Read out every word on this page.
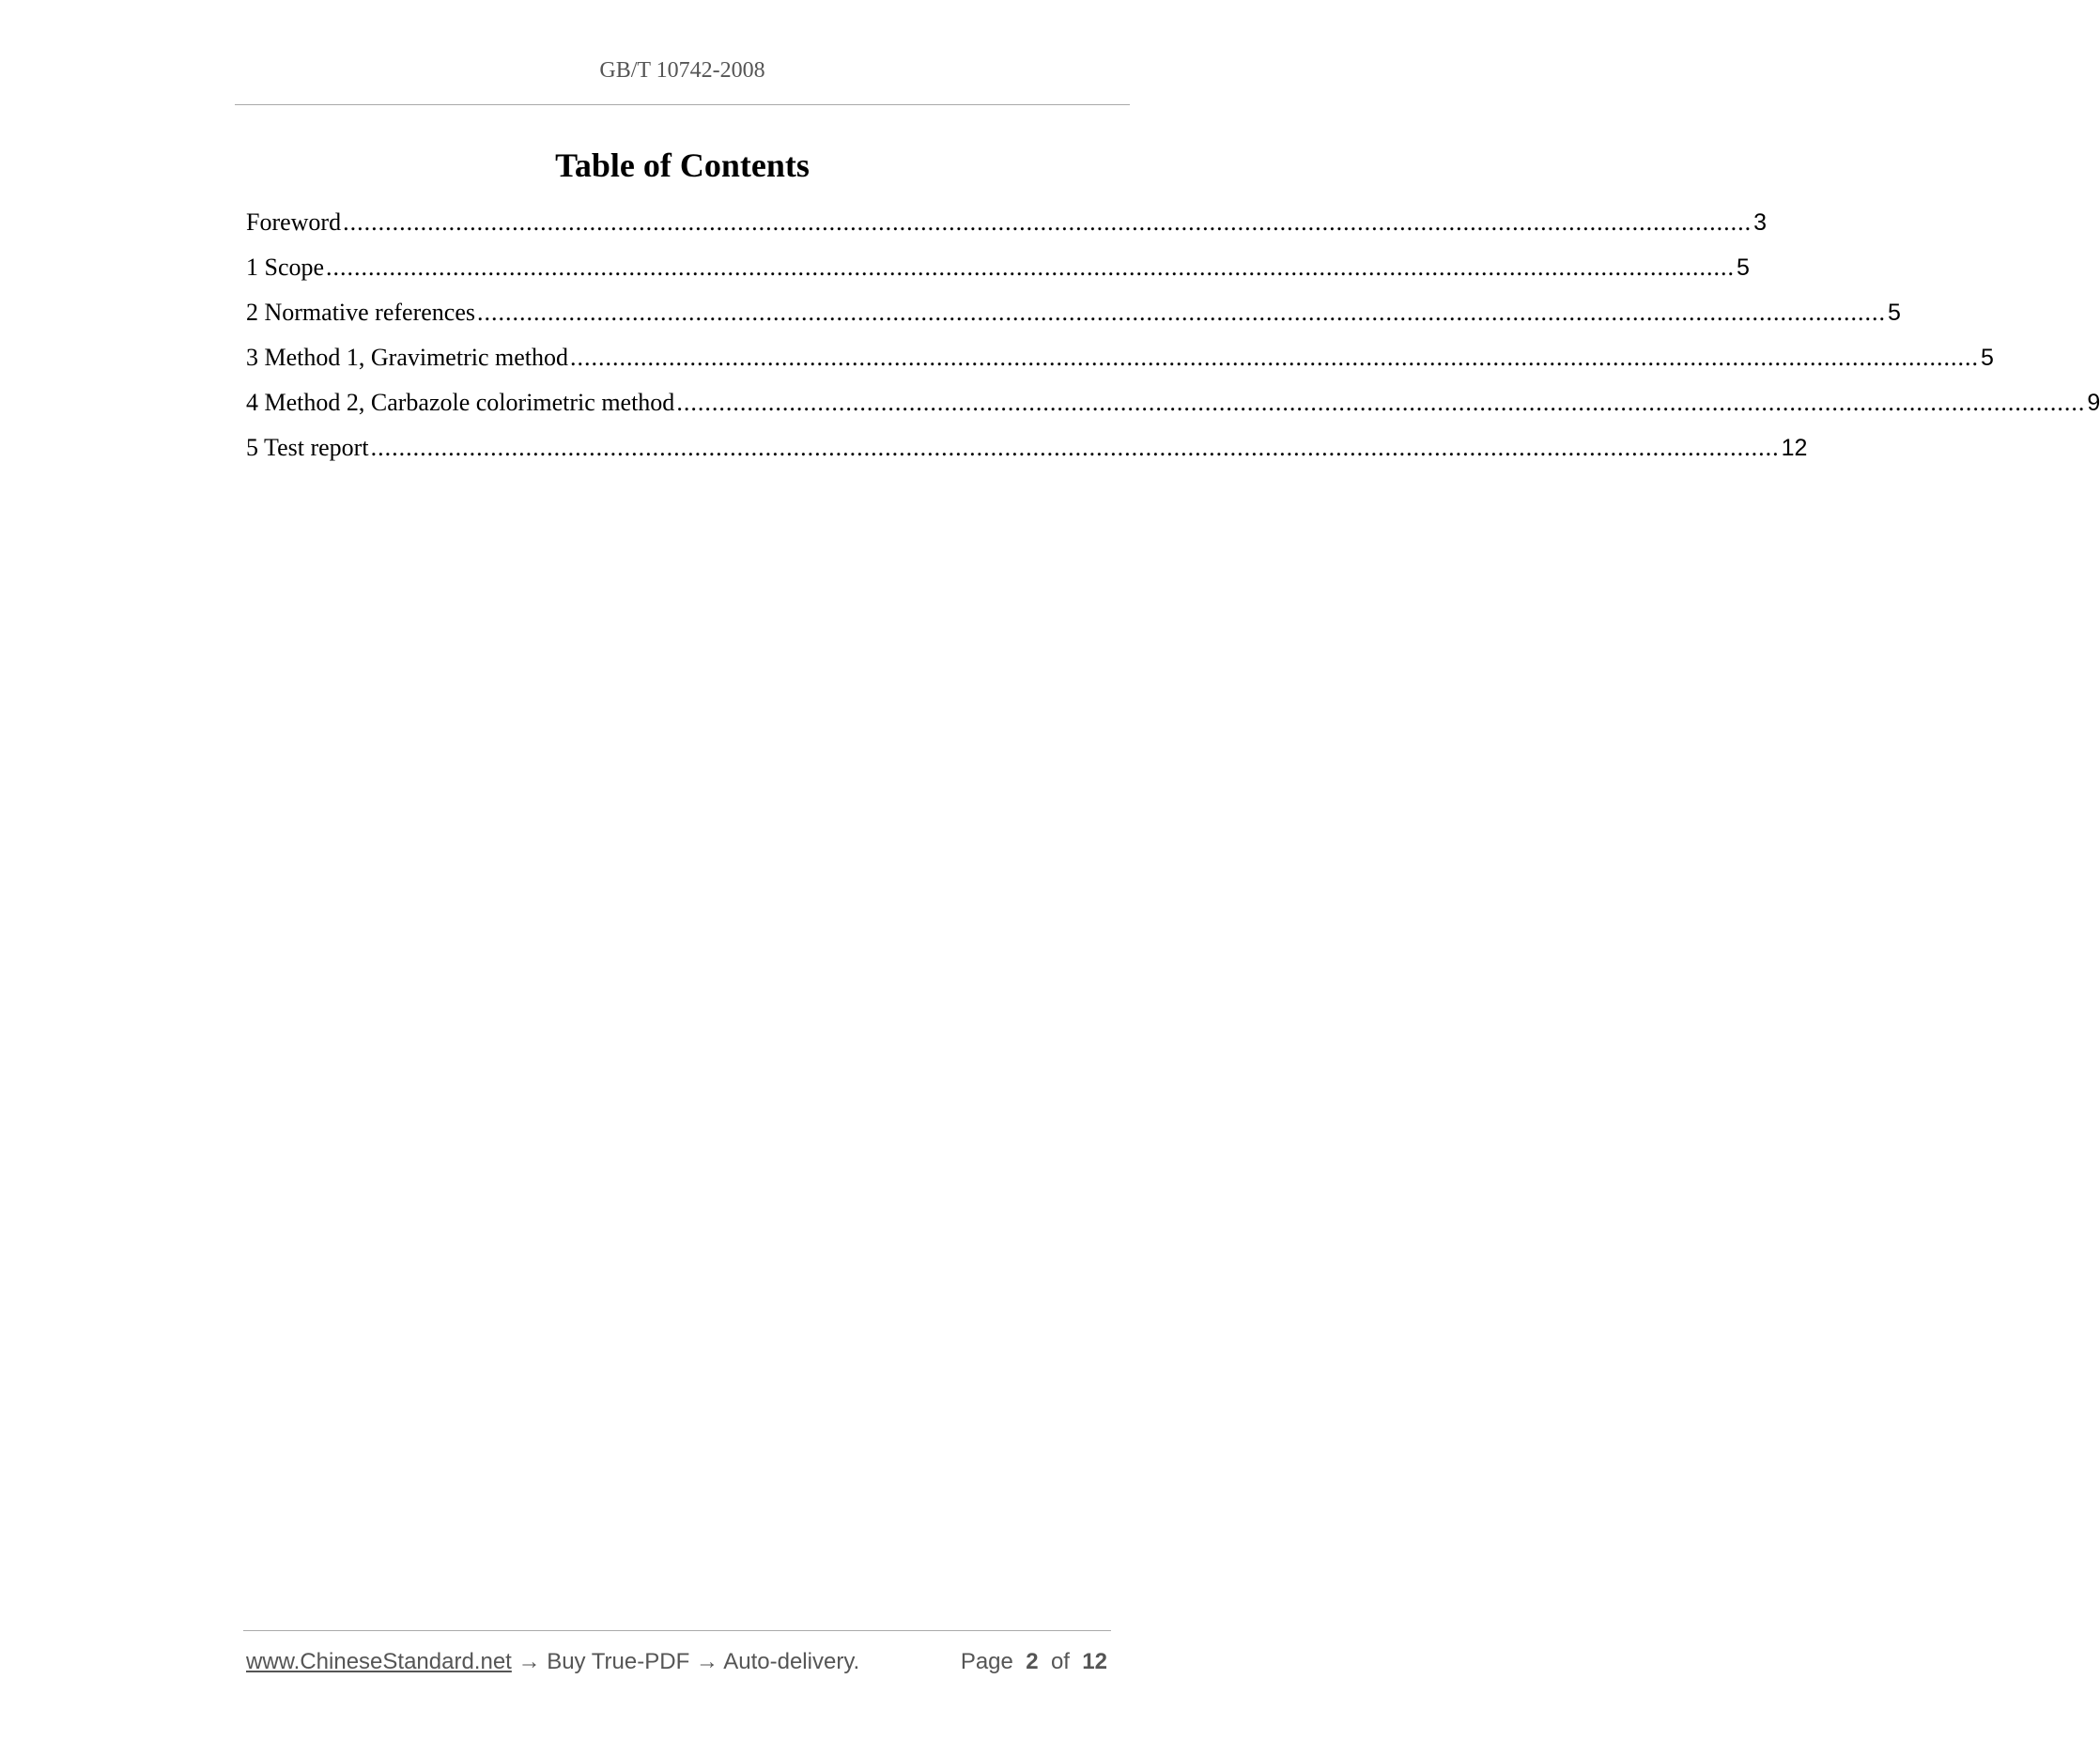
GB/T 10742-2008
Table of Contents
Foreword ........................................................................................................................................................................................................ 3
1 Scope ........................................................................................................................................................................................................ 5
2 Normative references ........................................................................................................................................................................................................ 5
3 Method 1, Gravimetric method ........................................................................................................................................................................................................ 5
4 Method 2, Carbazole colorimetric method ........................................................................................................................................................................................................ 9
5 Test report ........................................................................................................................................................................................................ 12
www.ChineseStandard.net → Buy True-PDF → Auto-delivery.	Page 2 of 12
